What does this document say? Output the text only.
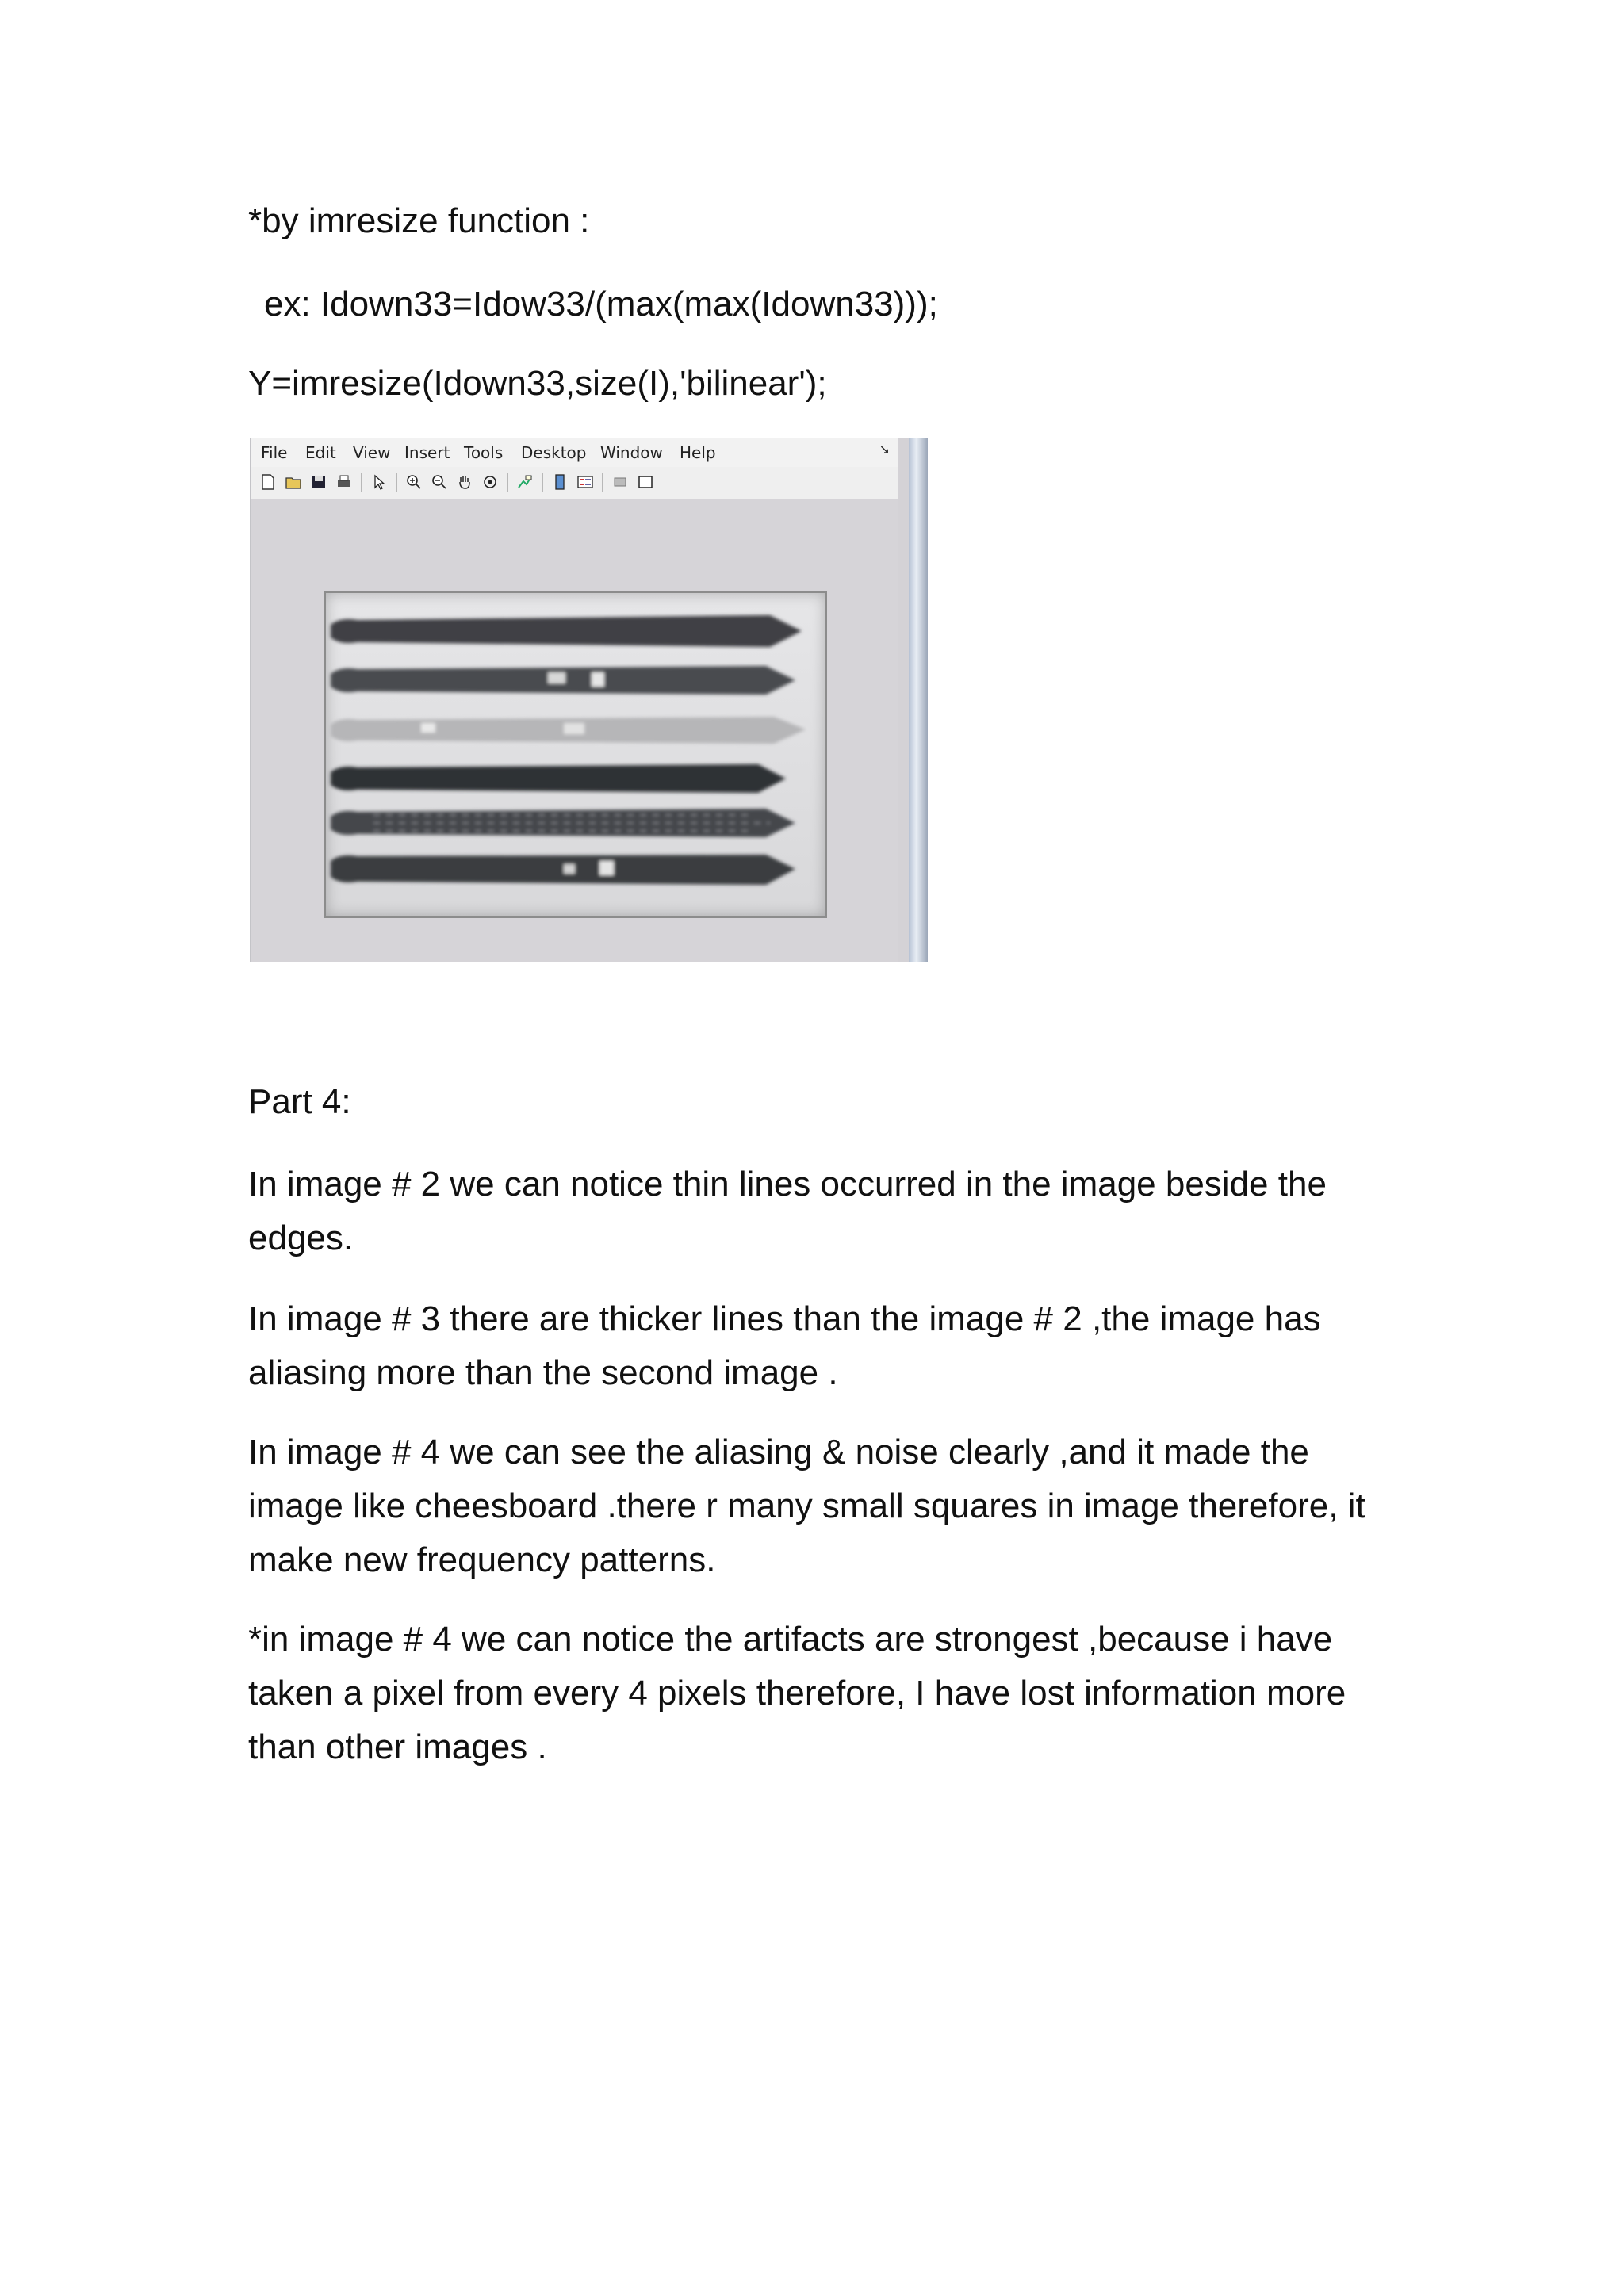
*by imresize function :
ex: Idown33=Idow33/(max(max(Idown33)));
Y=imresize(Idown33,size(I),'bilinear');
File Edit View Insert Tools Desktop Window Help	↘
Part 4:
In image # 2 we can notice thin lines occurred in the image beside the edges.
In image # 3 there are thicker lines than the image # 2 ,the image has aliasing more than the second image .
In image # 4 we can see the aliasing & noise clearly ,and it made the image like cheesboard .there r many small squares in image therefore, it make new frequency patterns.
*in image # 4 we can notice the artifacts are strongest ,because i have taken a pixel from every 4 pixels therefore, I have lost information more than other images .
